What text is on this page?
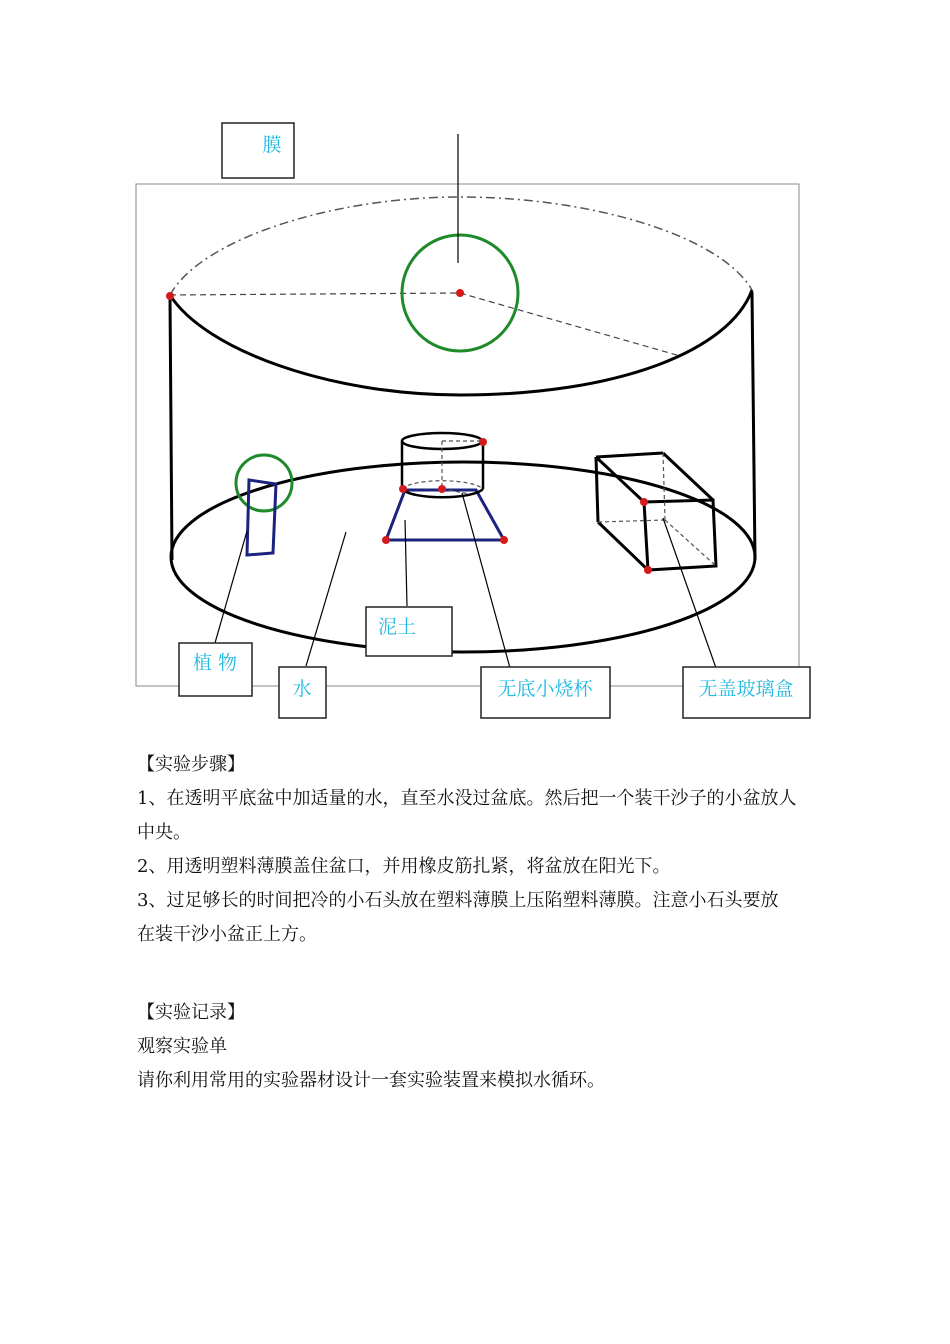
膜
泥土
植 物
水	无底小烧杯	无盖玻璃盒

【实验步骤】

1、在透明平底盆中加适量的水，直至水没过盆底。然后把一个装干沙子的小盆放人

中央。

2、用透明塑料薄膜盖住盆口，并用橡皮筋扎紧，将盆放在阳光下。

3、过足够长的时间把冷的小石头放在塑料薄膜上压陷塑料薄膜。注意小石头要放

在装干沙小盆正上方。

【实验记录】

观察实验单

请你利用常用的实验器材设计一套实验装置来模拟水循环。
